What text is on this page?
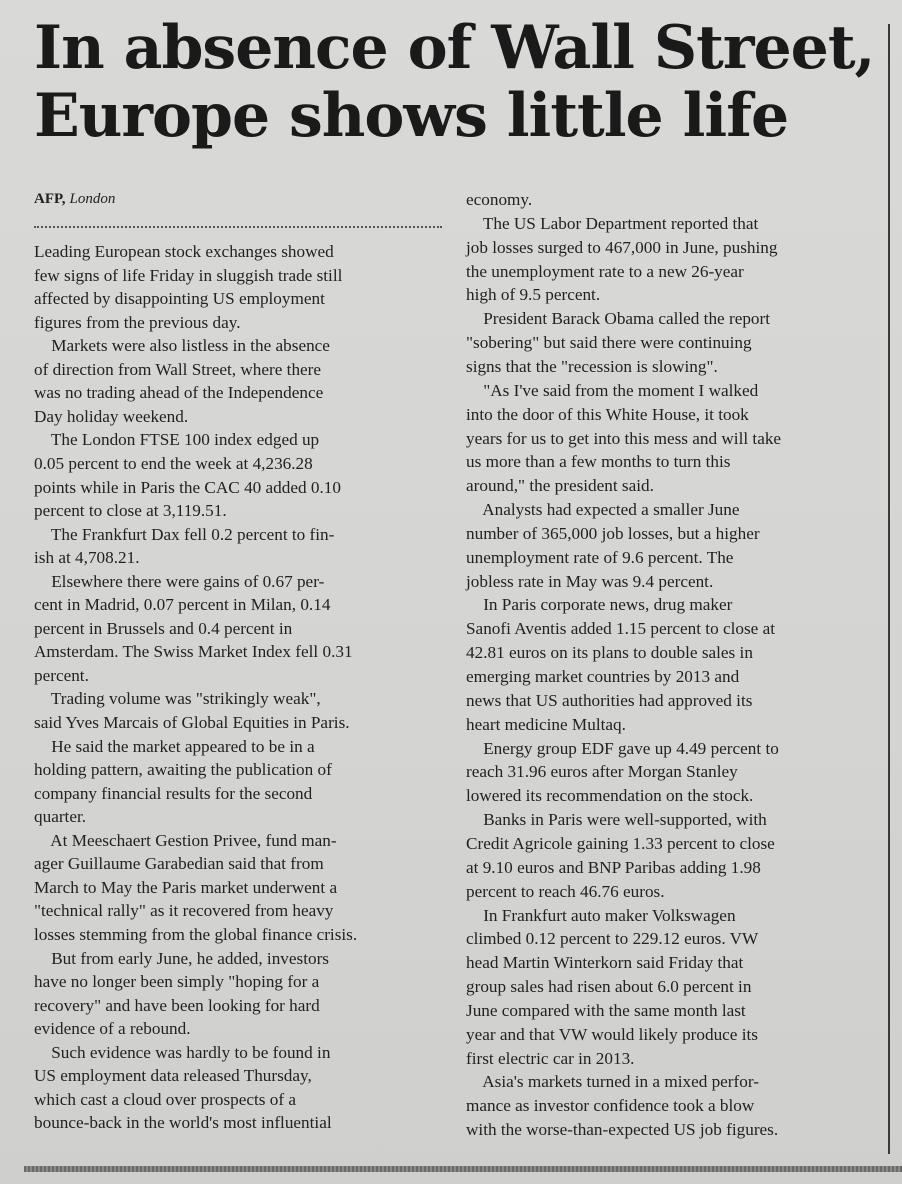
In absence of Wall Street,
Europe shows little life
AFP, London
Leading European stock exchanges showed
few signs of life Friday in sluggish trade still
affected by disappointing US employment
figures from the previous day.
Markets were also listless in the absence
of direction from Wall Street, where there
was no trading ahead of the Independence
Day holiday weekend.
The London FTSE 100 index edged up
0.05 percent to end the week at 4,236.28
points while in Paris the CAC 40 added 0.10
percent to close at 3,119.51.
The Frankfurt Dax fell 0.2 percent to fin-
ish at 4,708.21.
Elsewhere there were gains of 0.67 per-
cent in Madrid, 0.07 percent in Milan, 0.14
percent in Brussels and 0.4 percent in
Amsterdam. The Swiss Market Index fell 0.31
percent.
Trading volume was "strikingly weak",
said Yves Marcais of Global Equities in Paris.
He said the market appeared to be in a
holding pattern, awaiting the publication of
company financial results for the second
quarter.
At Meeschaert Gestion Privee, fund man-
ager Guillaume Garabedian said that from
March to May the Paris market underwent a
"technical rally" as it recovered from heavy
losses stemming from the global finance crisis.
But from early June, he added, investors
have no longer been simply "hoping for a
recovery" and have been looking for hard
evidence of a rebound.
Such evidence was hardly to be found in
US employment data released Thursday,
which cast a cloud over prospects of a
bounce-back in the world's most influential
economy.
The US Labor Department reported that
job losses surged to 467,000 in June, pushing
the unemployment rate to a new 26-year
high of 9.5 percent.
President Barack Obama called the report
"sobering" but said there were continuing
signs that the "recession is slowing".
"As I've said from the moment I walked
into the door of this White House, it took
years for us to get into this mess and will take
us more than a few months to turn this
around," the president said.
Analysts had expected a smaller June
number of 365,000 job losses, but a higher
unemployment rate of 9.6 percent. The
jobless rate in May was 9.4 percent.
In Paris corporate news, drug maker
Sanofi Aventis added 1.15 percent to close at
42.81 euros on its plans to double sales in
emerging market countries by 2013 and
news that US authorities had approved its
heart medicine Multaq.
Energy group EDF gave up 4.49 percent to
reach 31.96 euros after Morgan Stanley
lowered its recommendation on the stock.
Banks in Paris were well-supported, with
Credit Agricole gaining 1.33 percent to close
at 9.10 euros and BNP Paribas adding 1.98
percent to reach 46.76 euros.
In Frankfurt auto maker Volkswagen
climbed 0.12 percent to 229.12 euros. VW
head Martin Winterkorn said Friday that
group sales had risen about 6.0 percent in
June compared with the same month last
year and that VW would likely produce its
first electric car in 2013.
Asia's markets turned in a mixed perfor-
mance as investor confidence took a blow
with the worse-than-expected US job figures.
